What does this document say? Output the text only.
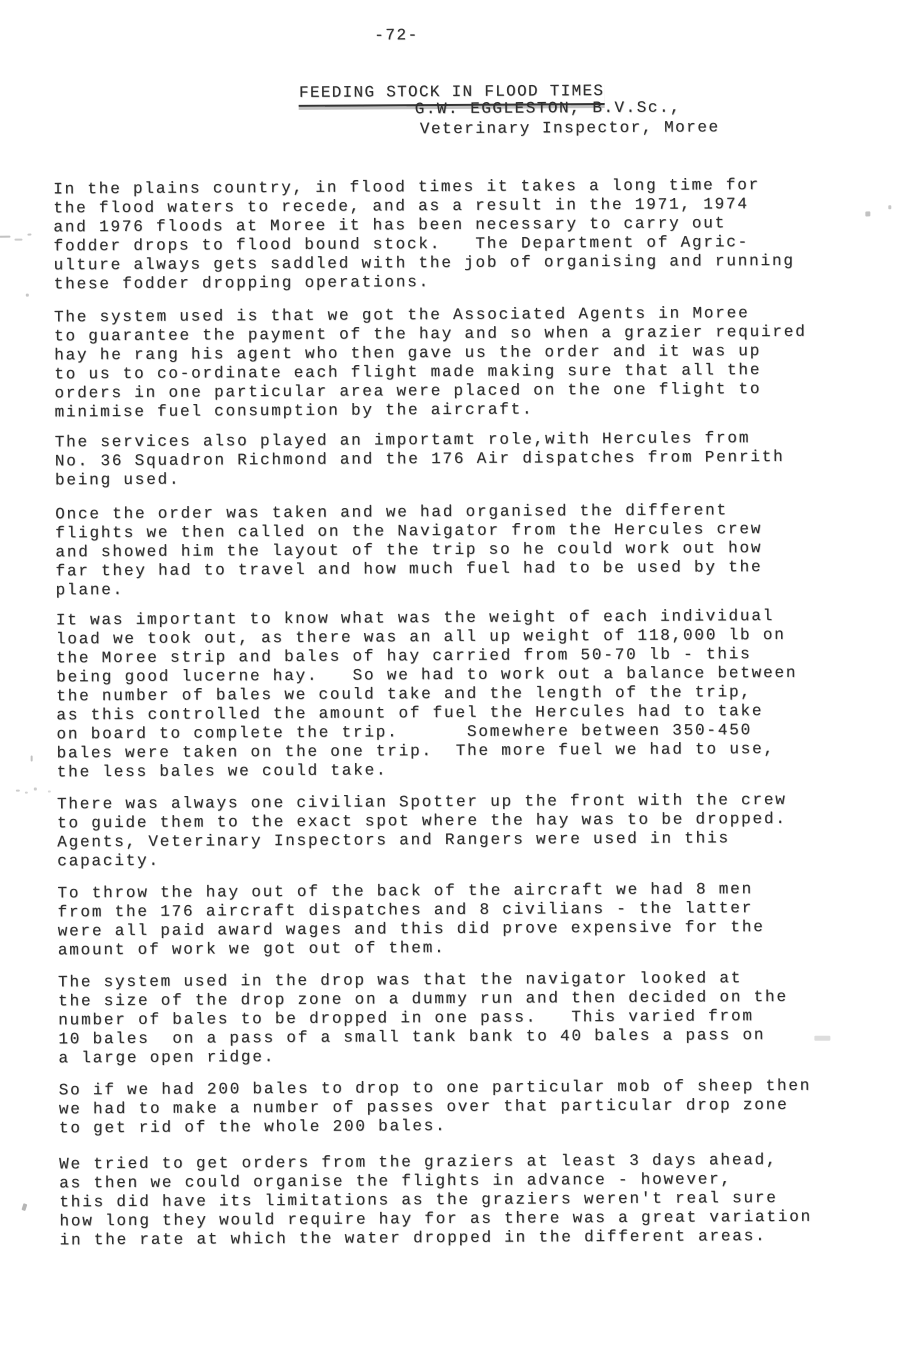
-72-

FEEDING STOCK IN FLOOD TIMES

G.W. EGGLESTON, B.V.Sc.,
Veterinary Inspector, Moree

In the plains country, in flood times it takes a long time for
the flood waters to recede, and as a result in the 1971, 1974
and 1976 floods at Moree it has been necessary to carry out
fodder drops to flood bound stock.   The Department of Agric-
ulture always gets saddled with the job of organising and running
these fodder dropping operations.

The system used is that we got the Associated Agents in Moree
to guarantee the payment of the hay and so when a grazier required
hay he rang his agent who then gave us the order and it was up
to us to co-ordinate each flight made making sure that all the
orders in one particular area were placed on the one flight to
minimise fuel consumption by the aircraft.

The services also played an importamt role,with Hercules from
No. 36 Squadron Richmond and the 176 Air dispatches from Penrith
being used.

Once the order was taken and we had organised the different
flights we then called on the Navigator from the Hercules crew
and showed him the layout of the trip so he could work out how
far they had to travel and how much fuel had to be used by the
plane.

It was important to know what was the weight of each individual
load we took out, as there was an all up weight of 118,000 lb on
the Moree strip and bales of hay carried from 50-70 lb - this
being good lucerne hay.   So we had to work out a balance between
the number of bales we could take and the length of the trip,
as this controlled the amount of fuel the Hercules had to take
on board to complete the trip.      Somewhere between 350-450
bales were taken on the one trip.  The more fuel we had to use,
the less bales we could take.

There was always one civilian Spotter up the front with the crew
to guide them to the exact spot where the hay was to be dropped.
Agents, Veterinary Inspectors and Rangers were used in this
capacity.

To throw the hay out of the back of the aircraft we had 8 men
from the 176 aircraft dispatches and 8 civilians - the latter
were all paid award wages and this did prove expensive for the
amount of work we got out of them.

The system used in the drop was that the navigator looked at
the size of the drop zone on a dummy run and then decided on the
number of bales to be dropped in one pass.   This varied from
10 bales  on a pass of a small tank bank to 40 bales a pass on
a large open ridge.

So if we had 200 bales to drop to one particular mob of sheep then
we had to make a number of passes over that particular drop zone
to get rid of the whole 200 bales.

We tried to get orders from the graziers at least 3 days ahead,
as then we could organise the flights in advance - however,
this did have its limitations as the graziers weren't real sure
how long they would require hay for as there was a great variation
in the rate at which the water dropped in the different areas.
